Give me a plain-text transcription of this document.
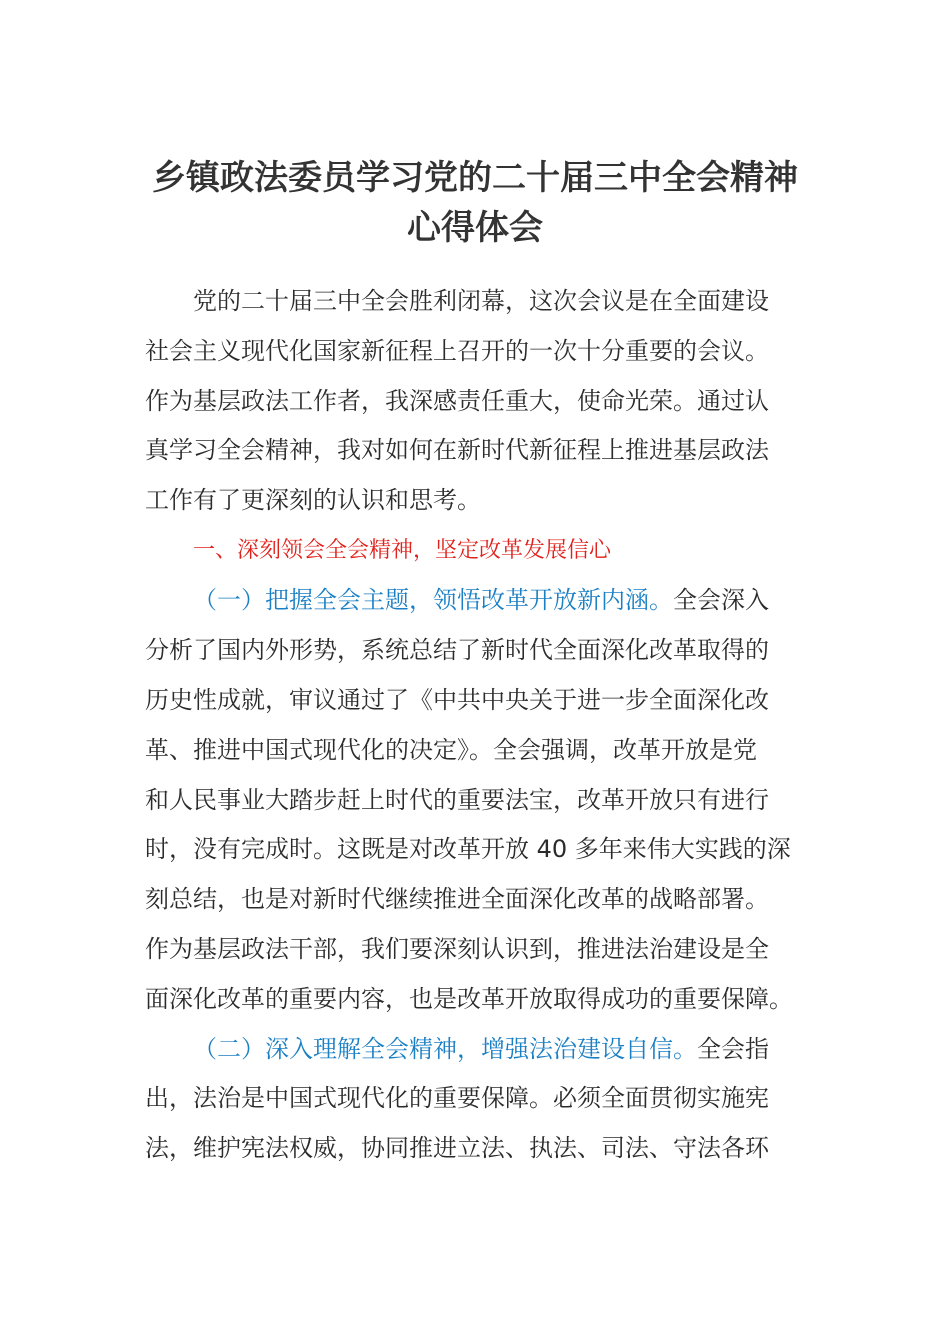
乡镇政法委员学习党的二十届三中全会精神
心得体会

党的二十届三中全会胜利闭幕，这次会议是在全面建设

社会主义现代化国家新征程上召开的一次十分重要的会议。

作为基层政法工作者，我深感责任重大，使命光荣。通过认

真学习全会精神，我对如何在新时代新征程上推进基层政法

工作有了更深刻的认识和思考。

一、深刻领会全会精神，坚定改革发展信心

（一）把握全会主题，领悟改革开放新内涵。全会深入

分析了国内外形势，系统总结了新时代全面深化改革取得的

历史性成就，审议通过了《中共中央关于进一步全面深化改

革、推进中国式现代化的决定》。全会强调，改革开放是党

和人民事业大踏步赶上时代的重要法宝，改革开放只有进行

时，没有完成时。这既是对改革开放 40 多年来伟大实践的深

刻总结，也是对新时代继续推进全面深化改革的战略部署。

作为基层政法干部，我们要深刻认识到，推进法治建设是全

面深化改革的重要内容，也是改革开放取得成功的重要保障。

（二）深入理解全会精神，增强法治建设自信。全会指

出，法治是中国式现代化的重要保障。必须全面贯彻实施宪

法，维护宪法权威，协同推进立法、执法、司法、守法各环
